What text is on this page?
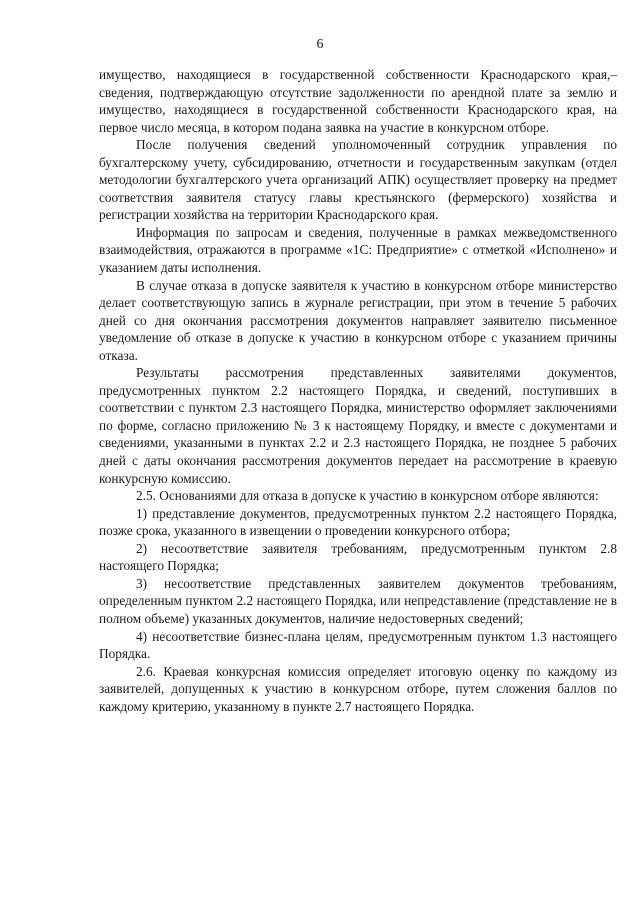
6

имущество, находящиеся в государственной собственности Краснодарского края,– сведения, подтверждающую отсутствие задолженности по арендной плате за землю и имущество, находящиеся в государственной собственности Краснодарского края, на первое число месяца, в котором подана заявка на участие в конкурсном отборе.

После получения сведений уполномоченный сотрудник управления по бухгалтерскому учету, субсидированию, отчетности и государственным закупкам (отдел методологии бухгалтерского учета организаций АПК) осуществляет проверку на предмет соответствия заявителя статусу главы крестьянского (фермерского) хозяйства и регистрации хозяйства на территории Краснодарского края.

Информация по запросам и сведения, полученные в рамках межведомственного взаимодействия, отражаются в программе «1С: Предприятие» с отметкой «Исполнено» и указанием даты исполнения.

В случае отказа в допуске заявителя к участию в конкурсном отборе министерство делает соответствующую запись в журнале регистрации, при этом в течение 5 рабочих дней со дня окончания рассмотрения документов направляет заявителю письменное уведомление об отказе в допуске к участию в конкурсном отборе с указанием причины отказа.

Результаты рассмотрения представленных заявителями документов, предусмотренных пунктом 2.2 настоящего Порядка, и сведений, поступивших в соответствии с пунктом 2.3 настоящего Порядка, министерство оформляет заключениями по форме, согласно приложению № 3 к настоящему Порядку, и вместе с документами и сведениями, указанными в пунктах 2.2 и 2.3 настоящего Порядка, не позднее 5 рабочих дней с даты окончания рассмотрения документов передает на рассмотрение в краевую конкурсную комиссию.

2.5. Основаниями для отказа в допуске к участию в конкурсном отборе являются:

1) представление документов, предусмотренных пунктом 2.2 настоящего Порядка, позже срока, указанного в извещении о проведении конкурсного отбора;

2) несоответствие заявителя требованиям, предусмотренным пунктом 2.8 настоящего Порядка;

3) несоответствие представленных заявителем документов требованиям, определенным пунктом 2.2 настоящего Порядка, или непредставление (представление не в полном объеме) указанных документов, наличие недостоверных сведений;

4) несоответствие бизнес-плана целям, предусмотренным пунктом 1.3 настоящего Порядка.

2.6. Краевая конкурсная комиссия определяет итоговую оценку по каждому из заявителей, допущенных к участию в конкурсном отборе, путем сложения баллов по каждому критерию, указанному в пункте 2.7 настоящего Порядка.
